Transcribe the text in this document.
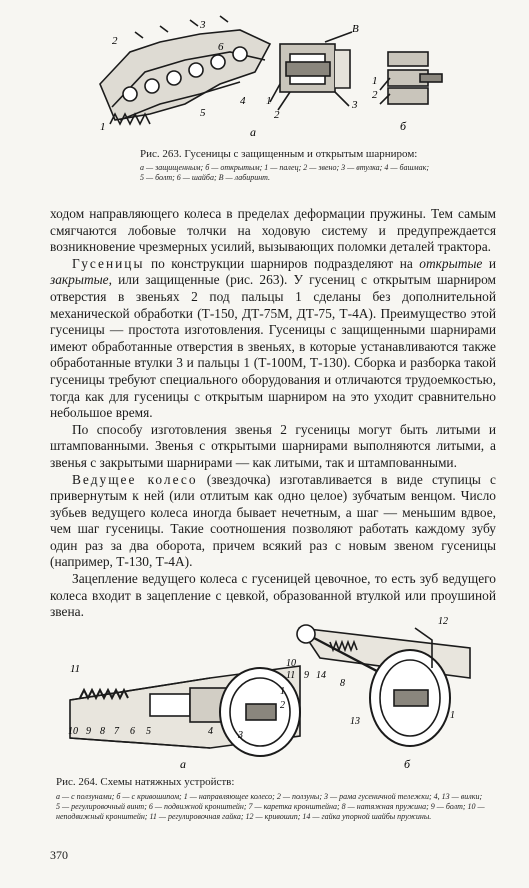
2
3
6
4
5
1	а
В
1
2
3
1
2
б
Рис. 263. Гусеницы с защищенным и открытым шарниром:
а — защищенным; б — открытым; 1 — палец; 2 — звено; 3 — втулка; 4 — башмак; 5 — болт; 6 — шайба; В — лабиринт.

ходом направляющего колеса в пределах деформации пружины. Тем самым смягчаются лобовые толчки на ходовую систему и предупреждается возникновение чрезмерных усилий, вызывающих поломки деталей трактора.

Гусеницы по конструкции шарниров подразделяют на открытые и закрытые, или защищенные (рис. 263). У гусениц с открытым шарниром отверстия в звеньях 2 под пальцы 1 сделаны без дополнительной механической обработки (Т-150, ДТ-75М, ДТ-75, Т-4А). Преимущество этой гусеницы — простота изготовления. Гусеницы с защищенными шарнирами имеют обработанные отверстия в звеньях, в которые устанавливаются также обработанные втулки 3 и пальцы 1 (Т-100М, Т-130). Сборка и разборка такой гусеницы требуют специального оборудования и отличаются трудоемкостью, тогда как для гусеницы с открытым шарниром на это уходит сравнительно небольшое время.

По способу изготовления звенья 2 гусеницы могут быть литыми и штампованными. Звенья с открытыми шарнирами выполняются литыми, а звенья с закрытыми шарнирами — как литыми, так и штампованными.

Ведущее колесо (звездочка) изготавливается в виде ступицы с привернутым к ней (или отлитым как одно целое) зубчатым венцом. Число зубьев ведущего колеса иногда бывает нечетным, а шаг — меньшим вдвое, чем шаг гусеницы. Такие соотношения позволяют работать каждому зубу один раз за два оборота, причем всякий раз с новым звеном гусеницы (например, Т-130, Т-4А).

Зацепление ведущего колеса с гусеницей цевочное, то есть зуб ведущего колеса входит в зацепление с цевкой, образованной втулкой или проушиной звена.

11
10 9 8 7 6 5	4	3
2
1
а
12
10
11 9 14
8
13
1
б
Рис. 264. Схемы натяжных устройств:
а — с ползунами; б — с кривошипом; 1 — направляющее колесо; 2 — ползуны; 3 — рама гусеничной тележки; 4, 13 — вилки; 5 — регулировочный винт; 6 — подвижной кронштейн; 7 — каретка кронштейна; 8 — натяжная пружина; 9 — болт; 10 — неподвижный кронштейн; 11 — регулировочная гайка; 12 — кривошип; 14 — гайка упорной шайбы пружины.
370
